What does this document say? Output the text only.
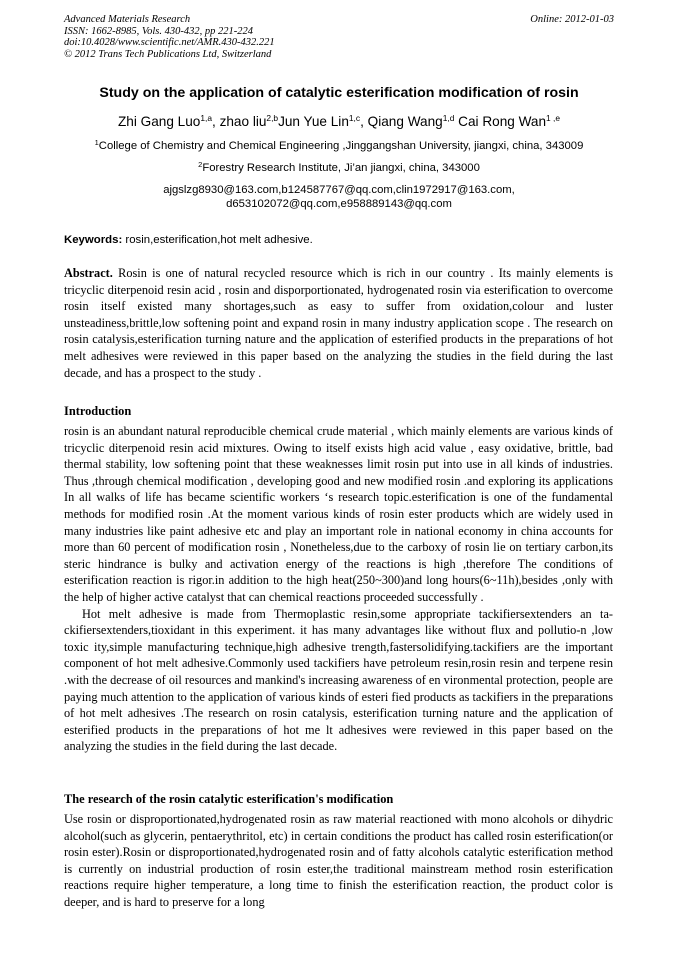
Advanced Materials Research
ISSN: 1662-8985, Vols. 430-432, pp 221-224
doi:10.4028/www.scientific.net/AMR.430-432.221
© 2012 Trans Tech Publications Ltd, Switzerland
Online: 2012-01-03
Study on the application of catalytic esterification modification of rosin
Zhi Gang Luo$^{1,a}$, zhao liu$^{2,b}$Jun Yue Lin$^{1,c}$, Qiang Wang$^{1,d}$ Cai Rong Wan$^{1 ,e}$
$^1$College of Chemistry and Chemical Engineering ,Jinggangshan University, jiangxi, china, 343009
$^2$Forestry Research Institute, Ji’an jiangxi, china, 343000
ajgslzg8930@163.com,b124587767@qq.com,clin1972917@163.com,
d653102072@qq.com,e958889143@qq.com
Keywords: rosin,esterification,hot melt adhesive.

Abstract. Rosin is one of natural recycled resource which is rich in our country . Its mainly elements is tricyclic diterpenoid resin acid , rosin and disporportionated, hydrogenated rosin via esterification to overcome rosin itself existed many shortages,such as easy to suffer from oxidation,colour and luster unsteadiness,brittle,low softening point and expand rosin in many industry application scope . The research on rosin catalysis,esterification turning nature and the application of esterified products in the preparations of hot melt adhesives were reviewed in this paper based on the analyzing the studies in the field during the last decade, and has a prospect to the study .

Introduction

rosin is an abundant natural reproducible chemical crude material , which mainly elements are various kinds of tricyclic diterpenoid resin acid mixtures. Owing to itself exists high acid value , easy oxidative, brittle, bad thermal stability, low softening point that these weaknesses limit rosin put into use in all kinds of industries. Thus ,through chemical modification , developing good and new modified rosin .and exploring its applications In all walks of life has became scientific workers ‘s research topic.esterification is one of the fundamental methods for modified rosin .At the moment various kinds of rosin ester products which are widely used in many industries like paint adhesive etc and play an important role in national economy in china accounts for more than 60 percent of modification rosin , Nonetheless,due to the carboxy of rosin lie on tertiary carbon,its steric hindrance is bulky and activation energy of the reactions is high ,therefore The conditions of esterification reaction is rigor.in addition to the high heat(250~300)and long hours(6~11h),besides ,only with the help of higher active catalyst that can chemical reactions proceeded successfully .

Hot melt adhesive is made from Thermoplastic resin,some appropriate tackifiersextenders an ta-ckifiersextenders,tioxidant in this experiment. it has many advantages like without flux and pollutio-n ,low toxic ity,simple manufacturing technique,high adhesive trength,fastersolidifying.tackifiers are the important component of hot melt adhesive.Commonly used tackifiers have petroleum resin,rosin resin and terpene resin .with the decrease of oil resources and mankind's increasing awareness of en vironmental protection, people are paying much attention to the application of various kinds of esteri fied products as tackifiers in the preparations of hot melt adhesives .The research on rosin catalysis, esterification turning nature and the application of esterified products in the preparations of hot me lt adhesives were reviewed in this paper based on the analyzing the studies in the field during the last decade.

The research of the rosin catalytic esterification's modification

Use rosin or disproportionated,hydrogenated rosin as raw material reactioned with mono alcohols or dihydric alcohol(such as glycerin, pentaerythritol, etc) in certain conditions the product has called rosin esterification(or rosin ester).Rosin or disproportionated,hydrogenated rosin and of fatty alcohols catalytic esterification method is currently on industrial production of rosin ester,the traditional mainstream method rosin esterification reactions require higher temperature, a long time to finish the esterification reaction, the product color is deeper, and is hard to preserve for a long
